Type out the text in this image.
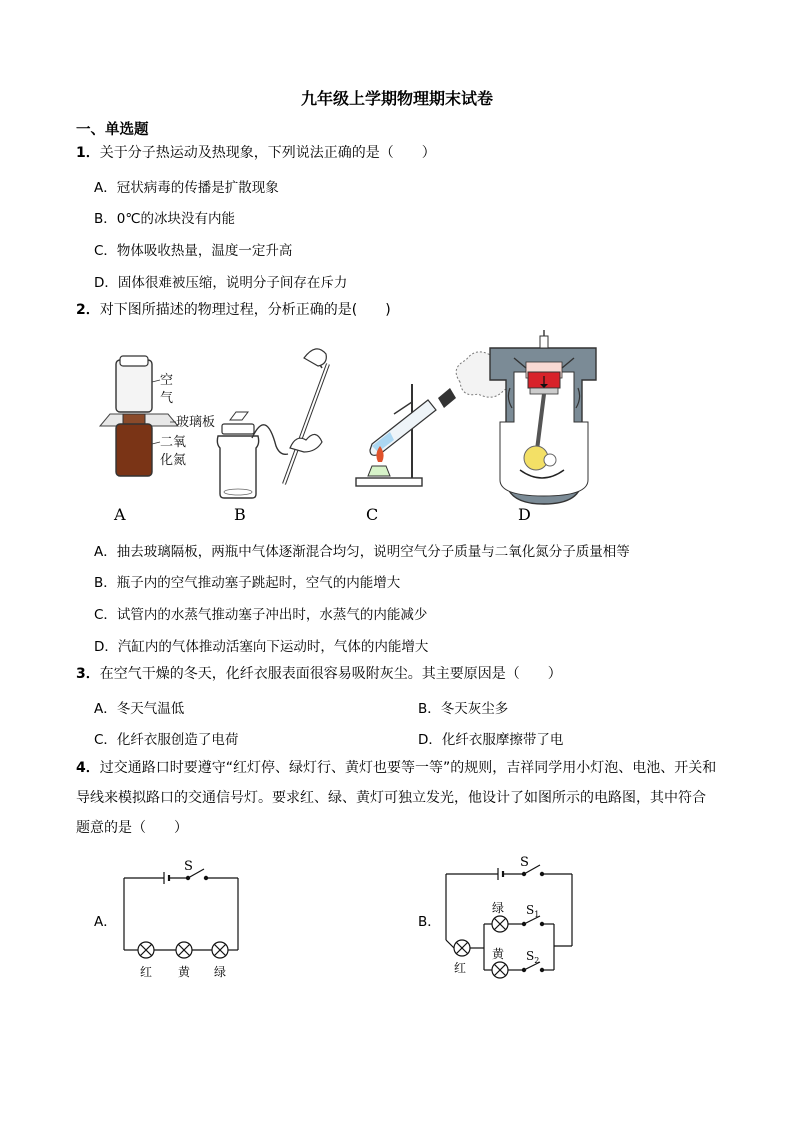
九年级上学期物理期末试卷
一、单选题
1．关于分子热运动及热现象，下列说法正确的是（　　）
A．冠状病毒的传播是扩散现象
B．0℃的冰块没有内能
C．物体吸收热量，温度一定升高
D．固体很难被压缩，说明分子间存在斥力
2．对下图所描述的物理过程，分析正确的是(　　)
空
气
玻璃板
二氧
化氮
A	B	C	D
A．抽去玻璃隔板，两瓶中气体逐渐混合均匀，说明空气分子质量与二氧化氮分子质量相等
B．瓶子内的空气推动塞子跳起时，空气的内能增大
C．试管内的水蒸气推动塞子冲出时，水蒸气的内能减少
D．汽缸内的气体推动活塞向下运动时，气体的内能增大
3．在空气干燥的冬天，化纤衣服表面很容易吸附灰尘。其主要原因是（　　）
A．冬天气温低	B．冬天灰尘多
C．化纤衣服创造了电荷	D．化纤衣服摩擦带了电
4．过交通路口时要遵守“红灯停、绿灯行、黄灯也要等一等”的规则，吉祥同学用小灯泡、电池、开关和
导线来模拟路口的交通信号灯。要求红、绿、黄灯可独立发光，他设计了如图所示的电路图，其中符合
题意的是（　　）
A．
S
红 黄 绿
B．
S
红
绿
黄
$S_1$
$S_2$
